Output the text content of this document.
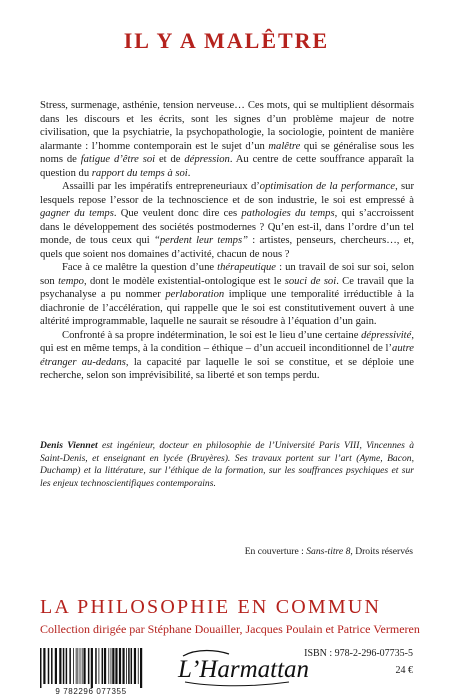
IL Y A MALÊTRE

Stress, surmenage, asthénie, tension nerveuse… Ces mots, qui se multiplient désormais dans les discours et les écrits, sont les signes d’un problème majeur de notre civilisation, que la psychiatrie, la psychopathologie, la sociologie, pointent de manière alarmante : l’homme contemporain est le sujet d’un malêtre qui se généralise sous les noms de fatigue d’être soi et de dépression. Au centre de cette souffrance apparaît la question du rapport du temps à soi.

Assailli par les impératifs entrepreneuriaux d’optimisation de la performance, sur lesquels repose l’essor de la technoscience et de son industrie, le soi est empressé à gagner du temps. Que veulent donc dire ces pathologies du temps, qui s’accroissent dans le développement des sociétés postmodernes ? Qu’en est-il, dans l’ordre d’un tel monde, de tous ceux qui “perdent leur temps” : artistes, penseurs, chercheurs…, et, quels que soient nos domaines d’activité, chacun de nous ?

Face à ce malêtre la question d’une thérapeutique : un travail de soi sur soi, selon son tempo, dont le modèle existential-ontologique est le souci de soi. Ce travail que la psychanalyse a pu nommer perlaboration implique une temporalité irréductible à la diachronie de l’accélération, qui rappelle que le soi est constitutivement ouvert à une altérité improgrammable, laquelle ne saurait se résoudre à l’équation d’un gain.

Confronté à sa propre indétermination, le soi est le lieu d’une certaine dépressivité, qui est en même temps, à la condition – éthique – d’un accueil inconditionnel de l’autre étranger au-dedans, la capacité par laquelle le soi se constitue, et se déploie une recherche, selon son imprévisibilité, sa liberté et son temps perdu.

Denis Viennet est ingénieur, docteur en philosophie de l’Université Paris VIII, Vincennes à Saint-Denis, et enseignant en lycée (Bruyères). Ses travaux portent sur l’art (Ayme, Bacon, Duchamp) et la littérature, sur l’éthique de la formation, sur les souffrances psychiques et sur les enjeux technoscientifiques contemporains.
En couverture : Sans-titre 8, Droits réservés
LA PHILOSOPHIE EN COMMUN
Collection dirigée par Stéphane Douailler, Jacques Poulain et Patrice Vermeren
9 782296 077355
L’Harmattan
ISBN : 978-2-296-07735-5
24 €
